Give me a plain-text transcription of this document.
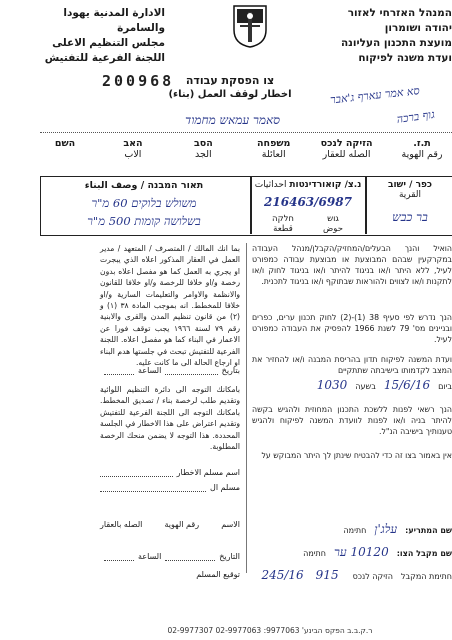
الادارة المدنية يهودا
والسامرة
مجلس التنظيم الاعلى
اللجنة الفرعية للتفتيش
המנהל האזרחי לאזור
יהודה ושומרון
מועצת התכנון העליונה
ועדת משנה לפיקוח
200968	צו הפסקת עבודה
اخطار لوقف العمل (بناء)
סאמר עמאש מחמוד
סא אמר עארף ג'אבר
גוף ברכה
ת.ז.
رقم الهوية
הזיקה לנכס
الصله للعقار
משפחה
العائلة
הסב
الجد
האב
الاب
השם
תאור המבנה / وصف البناء
משולש בלוקים 60 מ"ר
בשלושה קומות 500 מ"ר
נ.צ/ קואורדינטות احداثيات
216463/6987
גוש
חלקה
حوض
قطعة
כפר / ישוב
القرية
בר כבש
بما انك المالك / المتصرف / المتعهد / مدير العمل في العقار المذكور اعلاه الذي يبجرت او يجري به العمل كما هو مفصل اعلاه بدون رخصة و/او خلافا للرخصة و/او خلافا للقانون والانظمة والاوامر والتعليمات السارية و/او خلافا للمخطط. انه بموجب المادة ٣٨ (١) و (٢) من قانون تنظيم المدن والقرى والابنية رقم ٧٩ لسنة ١٩٦٦ يجب توقف فورا عن الاعمار في البناء كما هو مفصل اعلاه. اللجنة الفرعية للتفتيش تبحث في جلستها هدم البناء او ارجاع الحالة الى ما كانت عليه.
بتاريخ
الساعة
بامكانك التوجه الى دائرة التنظيم اللوائية وتقديم طلب لرخصة بناء / تصديق المخطط. بامكانك التوجه الى اللجنة الفرعية للتفتيش وتقديم اعتراض على هذا الاخطار في الجلسة المحددة. هذا التوجه لا يضمن منحك الرخصة المطلوبة.
اسم مسلم الاخطار
مسلم ال
الاسم
رقم الهوية
الصله بالعقار
التاريخ
الساعة
توقيع المسلم
הואיל והנך הבעלים/המחזיק/הקבלן/מנהל העבודה במקרקעין שבהם המבוצעת או מבוצעת עבודה כמפורט לעיל, ללא היתר ו/או בניגוד להיתר ו/או בניגוד לחוק ו/או לתקנות ו/או לצווים ולהוראות שבתוקף ו/או בניגוד לתכנית.
הנך נדרש לפי סעיף 38 (1)-(2) לחוק תכנון ערים, כפרים ובניינים מס' 79 לשנת 1966 להפסיק את העבודה כמפורט לעיל.
ועדת המשנה לפיקוח תדון בהריסת המבנה ו/או להחזיר את המצב לקדמותו בישיבתה שתתקיים
ביום
15/6/16
בשעה
1030
הנך רשאי לפנות ללשכת התכנון המחוזית ולהגיש בקשה להיתר בניה ו/או לפנות לוועדת המשנה לפיקוח ולהגיש טענותיך בישיבה הנ"ל.
אין באמור בצו זה כדי להבטיח שינתן לך היתר המבוקש על
שם המתריע:
עלג'ן
חתימה
שם מקבל הצו:
10120 ער
חתימה
חתימת המקבל
הזיקה לנכס
915
245/16
02-9977307 02-9977063 :ר.ק.ב.ב הפקס הבינע' 9977063
